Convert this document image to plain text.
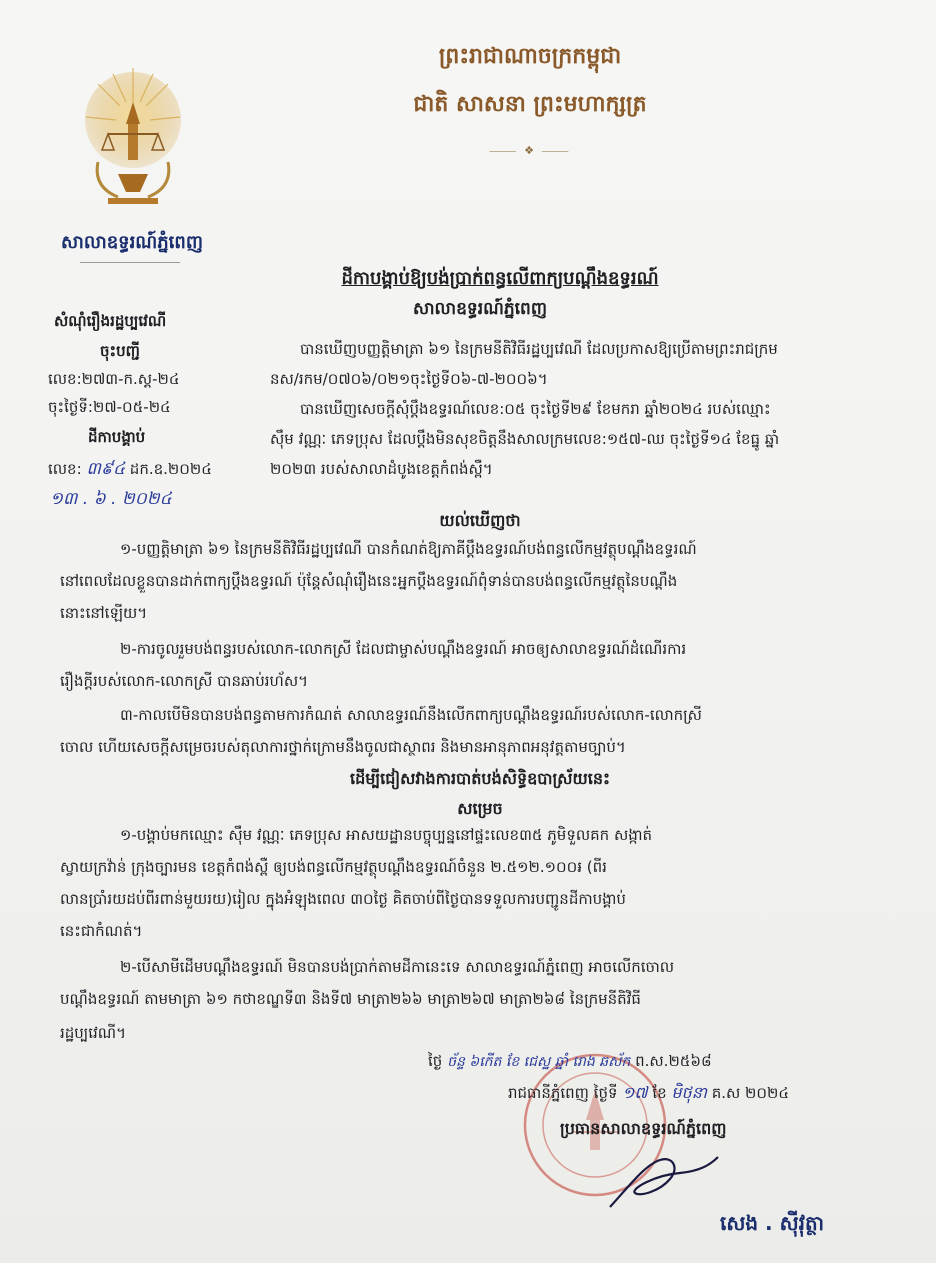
សាលាឧទ្ធរណ៍ភ្នំពេញ
ព្រះរាជាណាចក្រកម្ពុជា
ជាតិ សាសនា ព្រះមហាក្សត្រ
⸻ ❖ ⸻
សំណុំរឿងរដ្ឋប្បវេណី
ចុះបញ្ជី
លេខ:២៧៣-ក.ស្ត-២៤
ចុះថ្ងៃទី:២៧-០៥-២៤
ដីកាបង្គាប់
លេខ: ៣៩៤ ដក.ឧ.២០២៤
១៣ . ៦ . ២០២៤
ដីកាបង្គាប់ឱ្យបង់ប្រាក់ពន្ធលើពាក្យបណ្ដឹងឧទ្ធរណ៍
សាលាឧទ្ធរណ៍ភ្នំពេញ
បានឃើញបញ្ញត្តិមាត្រា ៦១ នៃក្រមនីតិវិធីរដ្ឋប្បវេណី ដែលប្រកាសឱ្យប្រើតាមព្រះរាជក្រម
នស/រកម/០៧០៦/០២១ចុះថ្ងៃទី០៦-៧-២០០៦។
បានឃើញសេចក្ដីសុំប្ដឹងឧទ្ធរណ៍លេខ:០៥ ចុះថ្ងៃទី២៩ ខែមករា ឆ្នាំ២០២៤ របស់ឈ្មោះ
ស៊ឹម វណ្ណៈ ភេទប្រុស ដែលប្ដឹងមិនសុខចិត្តនឹងសាលក្រមលេខ:១៥៧-ឈ ចុះថ្ងៃទី១៤ ខែធ្នូ ឆ្នាំ
២០២៣ របស់សាលាដំបូងខេត្តកំពង់ស្ពឺ។
យល់ឃើញថា
១-បញ្ញត្តិមាត្រា ៦១ នៃក្រមនីតិវិធីរដ្ឋប្បវេណី បានកំណត់ឱ្យភាគីប្ដឹងឧទ្ធរណ៍បង់ពន្ធលើកម្មវត្ថុបណ្ដឹងឧទ្ធរណ៍
នៅពេលដែលខ្លួនបានដាក់ពាក្យប្ដឹងឧទ្ធរណ៍ ប៉ុន្តែសំណុំរឿងនេះអ្នកប្ដឹងឧទ្ធរណ៍ពុំទាន់បានបង់ពន្ធលើកម្មវត្ថុនៃបណ្ដឹង
នោះនៅឡើយ។
២-ការចូលរួមបង់ពន្ធរបស់លោក-លោកស្រី ដែលជាម្ចាស់បណ្ដឹងឧទ្ធរណ៍ អាចឲ្យសាលាឧទ្ធរណ៍ដំណើរការ
រឿងក្ដីរបស់លោក-លោកស្រី បានឆាប់រហ័ស។
៣-កាលបើមិនបានបង់ពន្ធតាមការកំណត់ សាលាឧទ្ធរណ៍នឹងលើកពាក្យបណ្ដឹងឧទ្ធរណ៍របស់លោក-លោកស្រី
ចោល ហើយសេចក្ដីសម្រេចរបស់តុលាការថ្នាក់ក្រោមនឹងចូលជាស្ថាពរ និងមានអានុភាពអនុវត្តតាមច្បាប់។
ដើម្បីជៀសវាងការបាត់បង់សិទ្ធិឧបាស្រ័យនេះ
សម្រេច
១-បង្គាប់មកឈ្មោះ ស៊ឹម វណ្ណៈ ភេទប្រុស អាសយដ្ឋានបច្ចុប្បន្ននៅផ្ទះលេខ៣៥ ភូមិទួលគក សង្កាត់
ស្វាយក្រវ៉ាន់ ក្រុងច្បារមន ខេត្តកំពង់ស្ពឺ ឲ្យបង់ពន្ធលើកម្មវត្ថុបណ្ដឹងឧទ្ធរណ៍ចំនួន ២.៥១២.១០០៛ (ពីរ
លានប្រាំរយដប់ពីរពាន់មួយរយ)រៀល ក្នុងអំឡុងពេល ៣០ថ្ងៃ គិតចាប់ពីថ្ងៃបានទទួលការបញ្ជូនដីកាបង្គាប់
នេះជាកំណត់។
២-បើសាមីដើមបណ្ដឹងឧទ្ធរណ៍ មិនបានបង់ប្រាក់តាមដីកានេះទេ សាលាឧទ្ធរណ៍ភ្នំពេញ អាចលើកចោល
បណ្ដឹងឧទ្ធរណ៍ តាមមាត្រា ៦១ កថាខណ្ឌទី៣ និងទី៧ មាត្រា២៦៦ មាត្រា២៦៧ មាត្រា២៦៨ នៃក្រមនីតិវិធី
រដ្ឋប្បវេណី។
ថ្ងៃ ច័ន្ទ ៦កើត ខែ ជេស្ឋ ឆ្នាំ រោង ឆស័ក ព.ស.២៥៦៨
រាជធានីភ្នំពេញ ថ្ងៃទី ១៧ ខែ មិថុនា គ.ស ២០២៤
ប្រធានសាលាឧទ្ធរណ៍ភ្នំពេញ
សេង . ស៊ីវុត្ថា
